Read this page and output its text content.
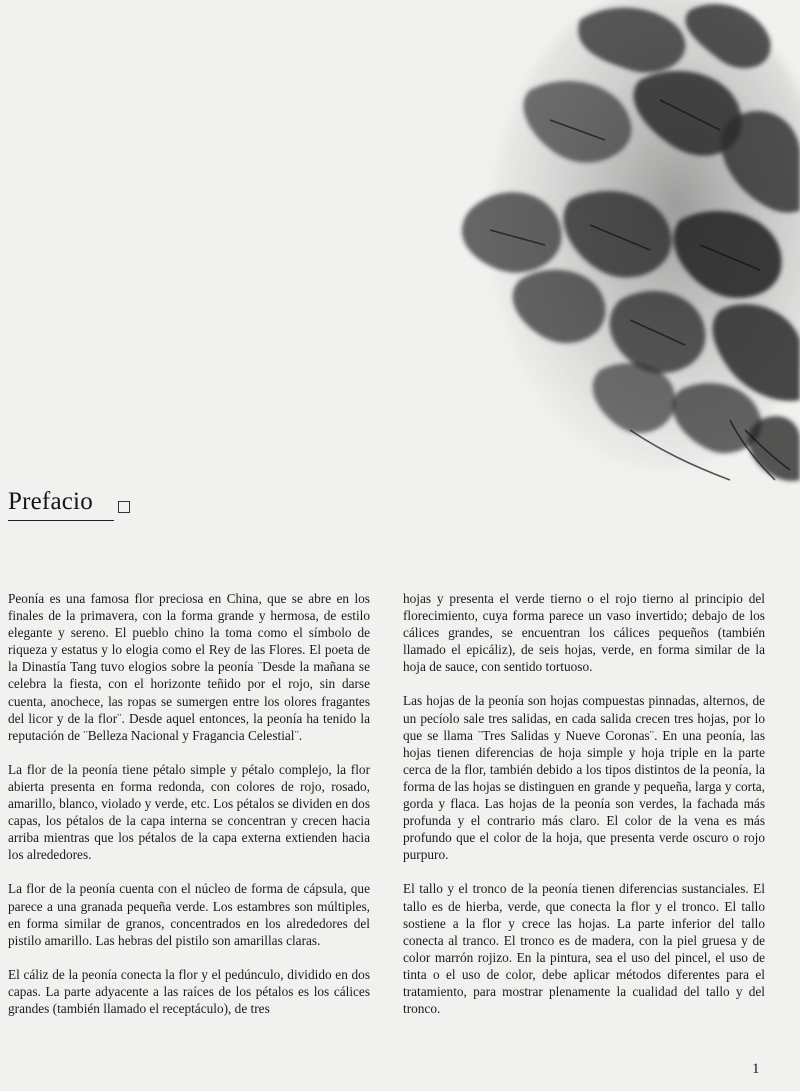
Prefacio

Peonía es una famosa flor preciosa en China, que se abre en los finales de la primavera, con la forma grande y hermosa, de estilo elegante y sereno. El pueblo chino la toma como el símbolo de riqueza y estatus y lo elogia como el Rey de las Flores. El poeta de la Dinastía Tang tuvo elogios sobre la peonía ¨Desde la mañana se celebra la fiesta, con el horizonte teñido por el rojo, sin darse cuenta, anochece, las ropas se sumergen entre los olores fragantes del licor y de la flor¨. Desde aquel entonces, la peonía ha tenido la reputación de ¨Belleza Nacional y Fragancia Celestial¨.

La flor de la peonía tiene pétalo simple y pétalo complejo, la flor abierta presenta en forma redonda, con colores de rojo, rosado, amarillo, blanco, violado y verde, etc. Los pétalos se dividen en dos capas, los pétalos de la capa interna se concentran y crecen hacia arriba mientras que los pétalos de la capa externa extienden hacia los alrededores.

La flor de la peonía cuenta con el núcleo de forma de cápsula, que parece a una granada pequeña verde. Los estambres son múltiples, en forma similar de granos, concentrados en los alrededores del pistilo amarillo. Las hebras del pistilo son amarillas claras.

El cáliz de la peonía conecta la flor y el pedúnculo, dividido en dos capas. La parte adyacente a las raíces de los pétalos es los cálices grandes (también llamado el receptáculo), de tres

hojas y presenta el verde tierno o el rojo tierno al principio del florecimiento, cuya forma parece un vaso invertido; debajo de los cálices grandes, se encuentran los cálices pequeños (también llamado el epicáliz), de seis hojas, verde, en forma similar de la hoja de sauce, con sentido tortuoso.

Las hojas de la peonía son hojas compuestas pinnadas, alternos, de un pecíolo sale tres salidas, en cada salida crecen tres hojas, por lo que se llama ¨Tres Salidas y Nueve Coronas¨. En una peonía, las hojas tienen diferencias de hoja simple y hoja triple en la parte cerca de la flor, también debido a los tipos distintos de la peonía, la forma de las hojas se distinguen en grande y pequeña, larga y corta, gorda y flaca. Las hojas de la peonía son verdes, la fachada más profunda y el contrario más claro. El color de la vena es más profundo que el color de la hoja, que presenta verde oscuro o rojo purpuro.

El tallo y el tronco de la peonía tienen diferencias sustanciales. El tallo es de hierba, verde, que conecta la flor y el tronco. El tallo sostiene a la flor y crece las hojas. La parte inferior del tallo conecta al tranco. El tronco es de madera, con la piel gruesa y de color marrón rojizo. En la pintura, sea el uso del pincel, el uso de tinta o el uso de color, debe aplicar métodos diferentes para el tratamiento, para mostrar plenamente la cualidad del tallo y del tronco.

1
